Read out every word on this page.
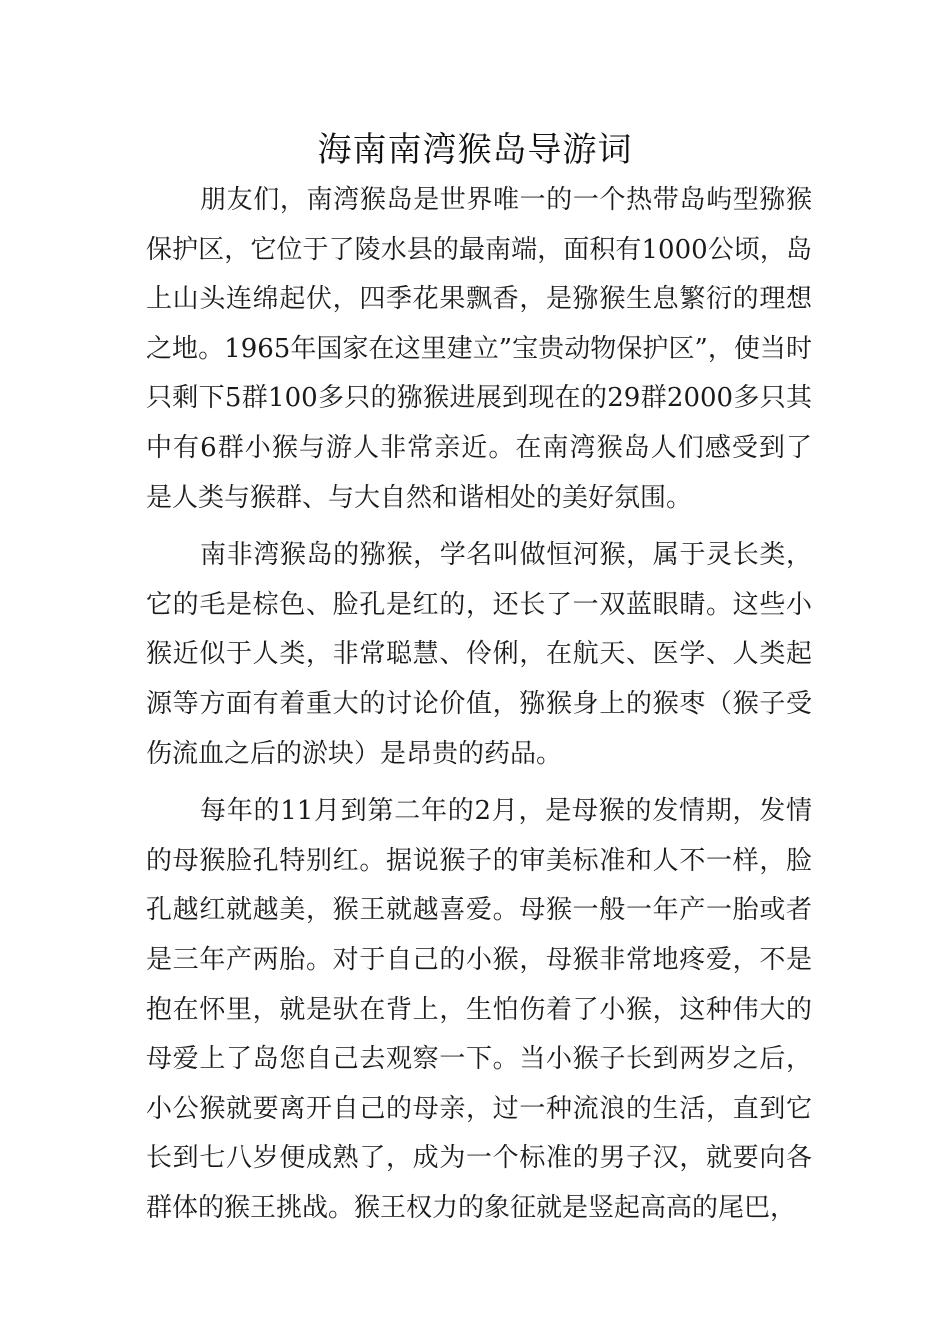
海南南湾猴岛导游词

朋友们，南湾猴岛是世界唯一的一个热带岛屿型猕猴保护区，它位于了陵水县的最南端，面积有1000公顷，岛上山头连绵起伏，四季花果飘香，是猕猴生息繁衍的理想之地。1965年国家在这里建立”宝贵动物保护区”，使当时只剩下5群100多只的猕猴进展到现在的29群2000多只其中有6群小猴与游人非常亲近。在南湾猴岛人们感受到了是人类与猴群、与大自然和谐相处的美好氛围。

南非湾猴岛的猕猴，学名叫做恒河猴，属于灵长类，它的毛是棕色、脸孔是红的，还长了一双蓝眼睛。这些小猴近似于人类，非常聪慧、伶俐，在航天、医学、人类起源等方面有着重大的讨论价值，猕猴身上的猴枣（猴子受伤流血之后的淤块）是昂贵的药品。

每年的11月到第二年的2月，是母猴的发情期，发情的母猴脸孔特别红。据说猴子的审美标准和人不一样，脸孔越红就越美，猴王就越喜爱。母猴一般一年产一胎或者是三年产两胎。对于自己的小猴，母猴非常地疼爱，不是抱在怀里，就是驮在背上，生怕伤着了小猴，这种伟大的母爱上了岛您自己去观察一下。当小猴子长到两岁之后，小公猴就要离开自己的母亲，过一种流浪的生活，直到它长到七八岁便成熟了，成为一个标准的男子汉，就要向各群体的猴王挑战。猴王权力的象征就是竖起高高的尾巴，
